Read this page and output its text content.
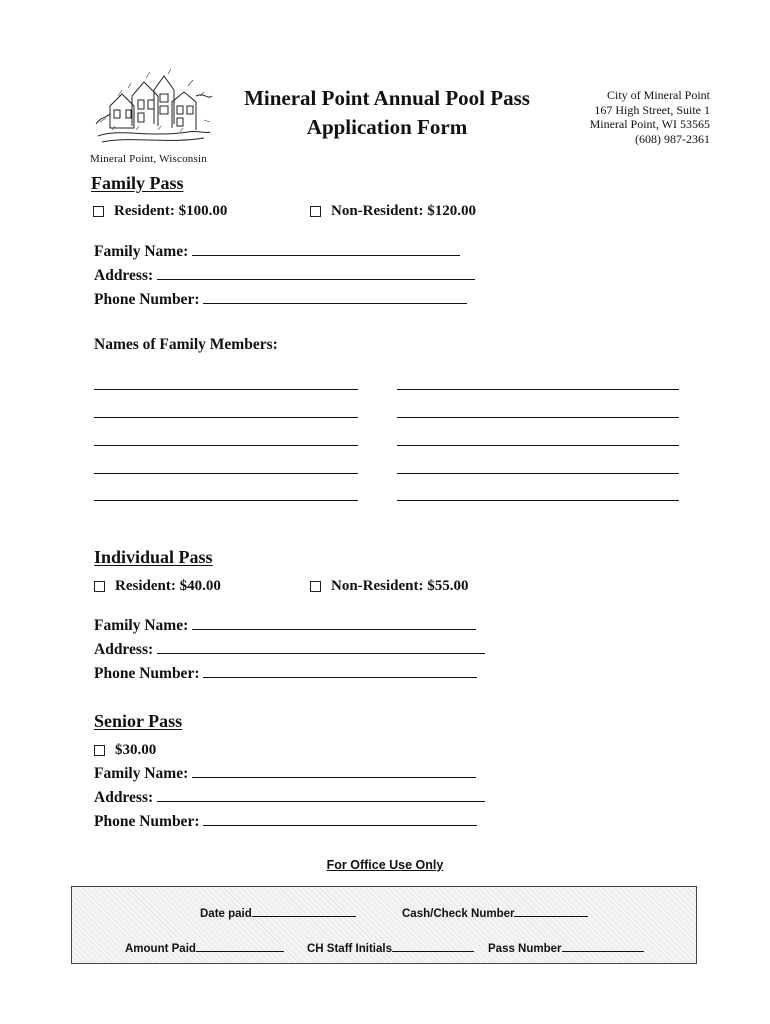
Mineral Point, Wisconsin
Mineral Point Annual Pool Pass
Application Form
City of Mineral Point
167 High Street, Suite 1
Mineral Point, WI 53565
(608) 987-2361
Family Pass
Resident: $100.00	Non-Resident: $120.00
Family Name:
Address:
Phone Number:
Names of Family Members:
Individual Pass
Resident: $40.00	Non-Resident: $55.00
Family Name:
Address:
Phone Number:
Senior Pass
$30.00
Family Name:
Address:
Phone Number:
For Office Use Only
Date paid	Cash/Check Number
Amount Paid	CH Staff Initials	Pass Number
